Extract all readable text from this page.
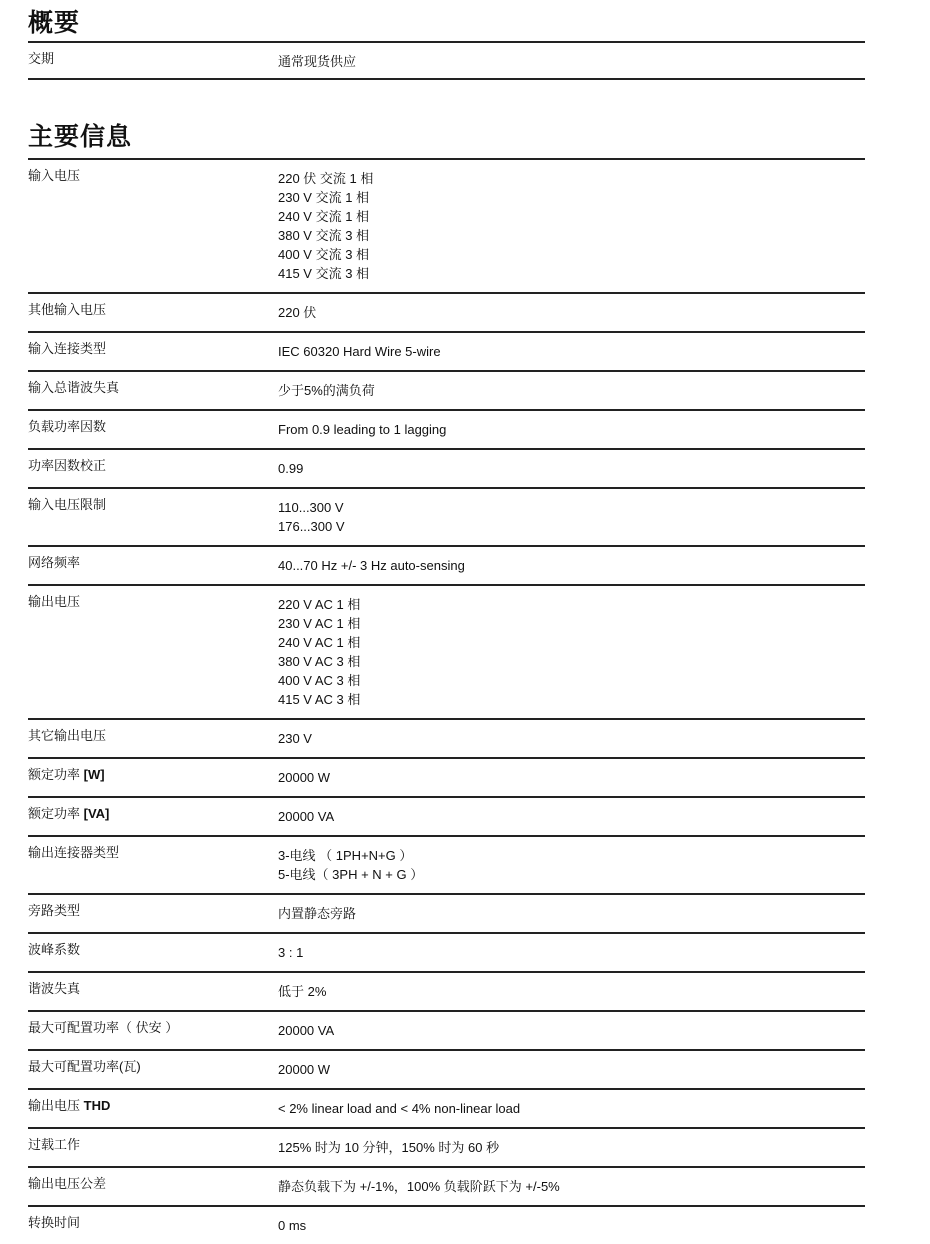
概要
交期	通常现货供应
主要信息
输入电压	220 伏 交流 1 相
230 V 交流 1 相
240 V 交流 1 相
380 V 交流 3 相
400 V 交流 3 相
415 V 交流 3 相
其他输入电压	220 伏
输入连接类型	IEC 60320 Hard Wire 5-wire
输入总谐波失真	少于5%的满负荷
负载功率因数	From 0.9 leading to 1 lagging
功率因数校正	0.99
输入电压限制	110...300 V
176...300 V
网络频率	40...70 Hz +/- 3 Hz auto-sensing
输出电压	220 V AC 1 相
230 V AC 1 相
240 V AC 1 相
380 V AC 3 相
400 V AC 3 相
415 V AC 3 相
其它输出电压	230 V
额定功率 [W]	20000 W
额定功率 [VA]	20000 VA
输出连接器类型	3-电线 （ 1PH+N+G ）
5-电线（ 3PH + N + G ）
旁路类型	内置静态旁路
波峰系数	3 : 1
谐波失真	低于 2%
最大可配置功率（ 伏安 ）	20000 VA
最大可配置功率(瓦)	20000 W
输出电压 THD	< 2% linear load and < 4% non-linear load
过载工作	125% 时为 10 分钟，150% 时为 60 秒
输出电压公差	静态负载下为 +/-1%，100% 负载阶跃下为 +/-5%
转换时间	0 ms
